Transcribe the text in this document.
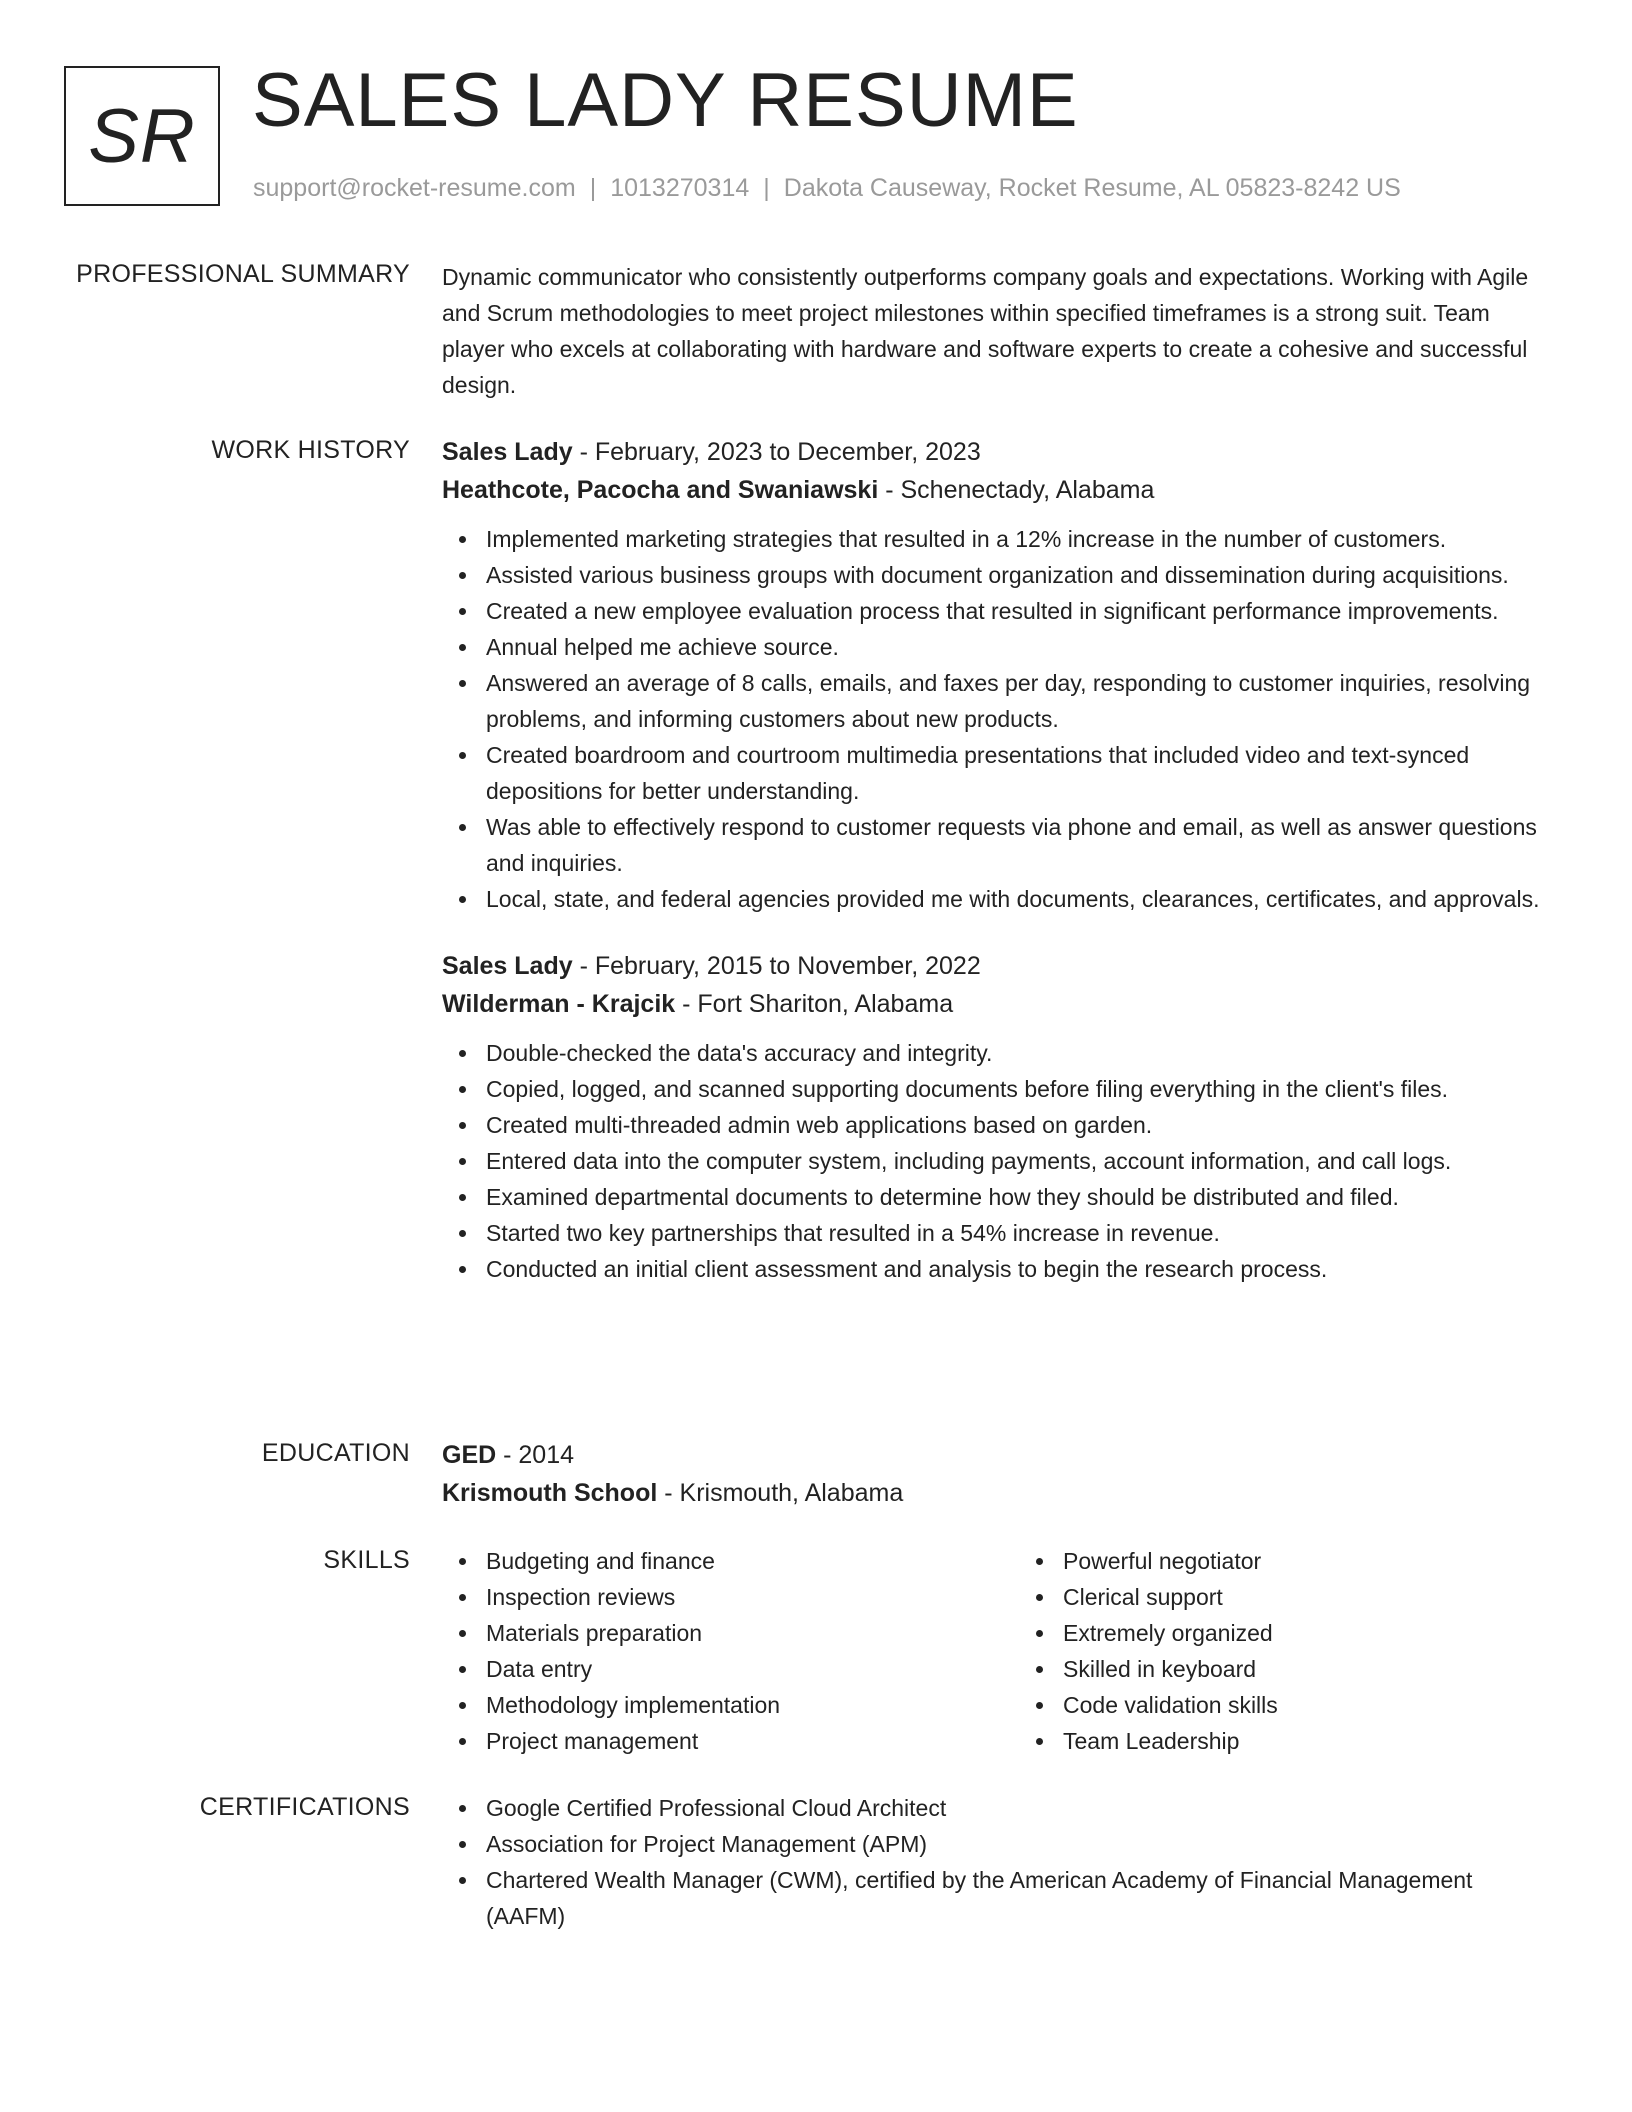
SR SALES LADY RESUME
support@rocket-resume.com | 1013270314 | Dakota Causeway, Rocket Resume, AL 05823-8242 US
PROFESSIONAL SUMMARY Dynamic communicator who consistently outperforms company goals and expectations. Working with Agile and Scrum methodologies to meet project milestones within specified timeframes is a strong suit. Team player who excels at collaborating with hardware and software experts to create a cohesive and successful design.

WORK HISTORY Sales Lady - February, 2023 to December, 2023
Heathcote, Pacocha and Swaniawski - Schenectady, Alabama
Implemented marketing strategies that resulted in a 12% increase in the number of customers.
Assisted various business groups with document organization and dissemination during acquisitions.
Created a new employee evaluation process that resulted in significant performance improvements.
Annual helped me achieve source.
Answered an average of 8 calls, emails, and faxes per day, responding to customer inquiries, resolving problems, and informing customers about new products.
Created boardroom and courtroom multimedia presentations that included video and text-synced depositions for better understanding.
Was able to effectively respond to customer requests via phone and email, as well as answer questions and inquiries.
Local, state, and federal agencies provided me with documents, clearances, certificates, and approvals.
Sales Lady - February, 2015 to November, 2022
Wilderman - Krajcik - Fort Shariton, Alabama
Double-checked the data's accuracy and integrity.
Copied, logged, and scanned supporting documents before filing everything in the client's files.
Created multi-threaded admin web applications based on garden.
Entered data into the computer system, including payments, account information, and call logs.
Examined departmental documents to determine how they should be distributed and filed.
Started two key partnerships that resulted in a 54% increase in revenue.
Conducted an initial client assessment and analysis to begin the research process.
EDUCATION GED - 2014
Krismouth School - Krismouth, Alabama
SKILLS	Budgeting and finance
Inspection reviews
Materials preparation
Data entry
Methodology implementation
Project management
Powerful negotiator
Clerical support
Extremely organized
Skilled in keyboard
Code validation skills
Team Leadership
CERTIFICATIONS	Google Certified Professional Cloud Architect
Association for Project Management (APM)
Chartered Wealth Manager (CWM), certified by the American Academy of Financial Management (AAFM)
